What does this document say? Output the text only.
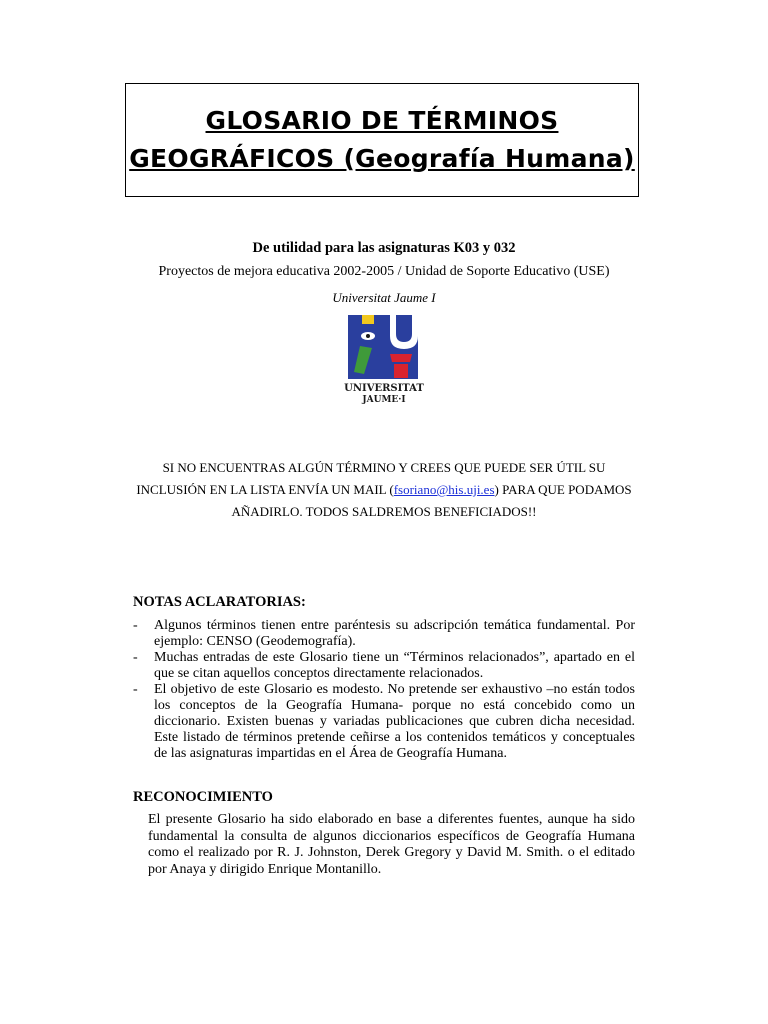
GLOSARIO DE TÉRMINOS
GEOGRÁFICOS (Geografía Humana)
De utilidad para las asignaturas K03 y 032
Proyectos de mejora educativa 2002-2005 / Unidad de Soporte Educativo (USE)
Universitat Jaume I
UNIVERSITAT
JAUME·I
SI NO ENCUENTRAS ALGÚN TÉRMINO Y CREES QUE PUEDE SER ÚTIL SU
INCLUSIÓN EN LA LISTA ENVÍA UN MAIL (fsoriano@his.uji.es) PARA QUE PODAMOS
AÑADIRLO. TODOS SALDREMOS BENEFICIADOS!!
NOTAS ACLARATORIAS:
- Algunos términos tienen entre paréntesis su adscripción temática fundamental. Por ejemplo: CENSO (Geodemografía).
- Muchas entradas de este Glosario tiene un “Términos relacionados”, apartado en el que se citan aquellos conceptos directamente relacionados.
- El objetivo de este Glosario es modesto. No pretende ser exhaustivo –no están todos los conceptos de la Geografía Humana- porque no está concebido como un diccionario. Existen buenas y variadas publicaciones que cubren dicha necesidad. Este listado de términos pretende ceñirse a los contenidos temáticos y conceptuales de las asignaturas impartidas en el Área de Geografía Humana.
RECONOCIMIENTO
El presente Glosario ha sido elaborado en base a diferentes fuentes, aunque ha sido fundamental la consulta de algunos diccionarios específicos de Geografía Humana como el realizado por R. J. Johnston, Derek Gregory y David M. Smith. o el editado por Anaya y dirigido Enrique Montanillo.
